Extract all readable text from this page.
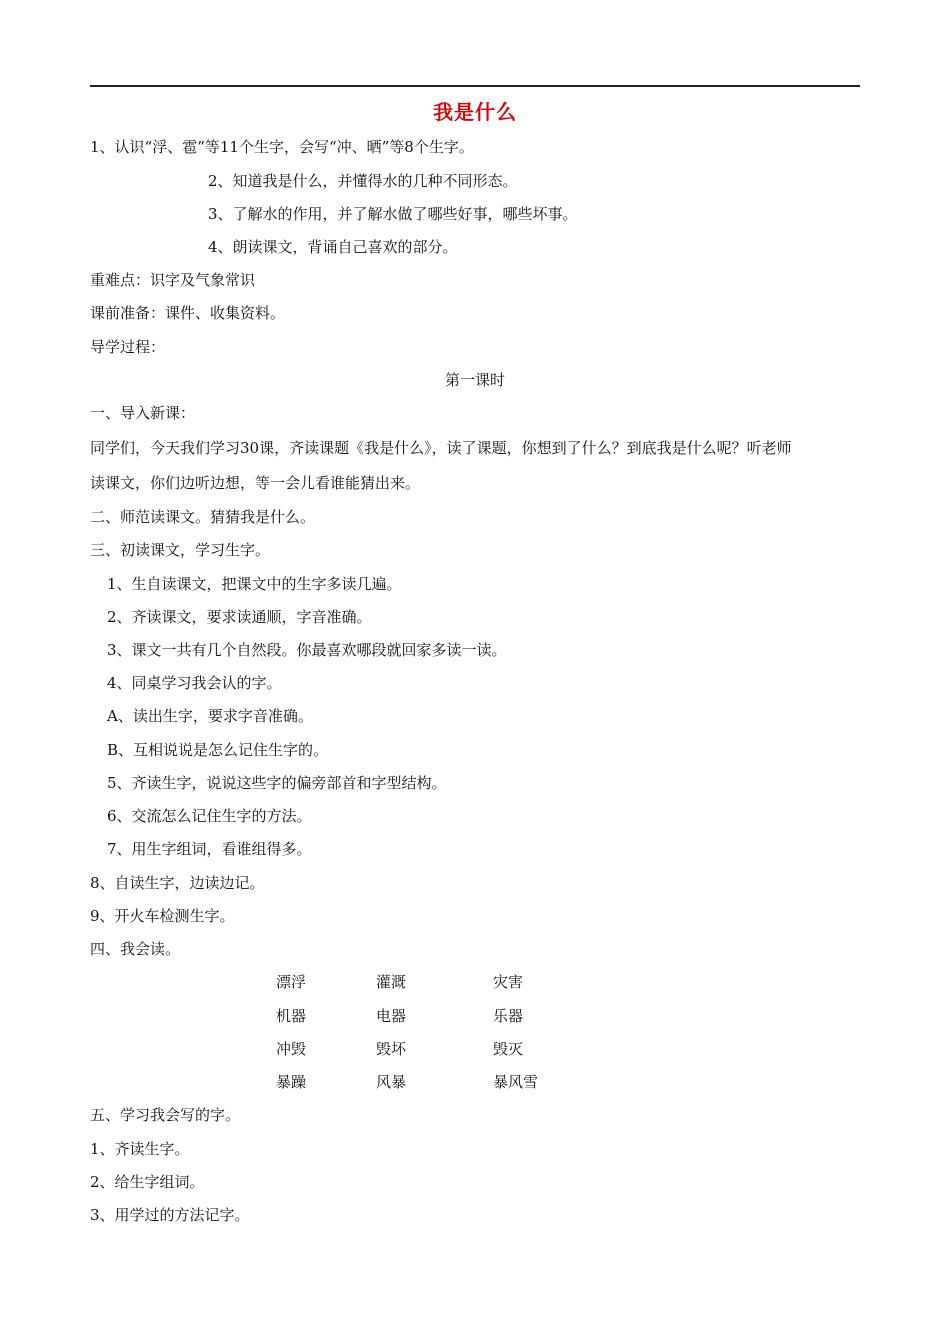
我是什么
1、认识“浮、雹”等11个生字，会写“冲、晒”等8个生字。
2、知道我是什么，并懂得水的几种不同形态。
3、了解水的作用，并了解水做了哪些好事，哪些坏事。
4、朗读课文，背诵自己喜欢的部分。
重难点：识字及气象常识
课前准备：课件、收集资料。
导学过程：
第一课时
一、导入新课：
同学们，今天我们学习30课，齐读课题《我是什么》，读了课题，你想到了什么？到底我是什么呢？听老师
读课文，你们边听边想，等一会儿看谁能猜出来。
二、师范读课文。猜猜我是什么。
三、初读课文，学习生字。
1、生自读课文，把课文中的生字多读几遍。
2、齐读课文，要求读通顺，字音准确。
3、课文一共有几个自然段。你最喜欢哪段就回家多读一读。
4、同桌学习我会认的字。
A、读出生字，要求字音准确。
B、互相说说是怎么记住生字的。
5、齐读生字，说说这些字的偏旁部首和字型结构。
6、交流怎么记住生字的方法。
7、用生字组词，看谁组得多。
8、自读生字，边读边记。
9、开火车检测生字。
四、我会读。
漂浮	灌溉	灾害
机器	电器	乐器
冲毁	毁坏	毁灭
暴躁	风暴	暴风雪
五、学习我会写的字。
1、齐读生字。
2、给生字组词。
3、用学过的方法记字。
